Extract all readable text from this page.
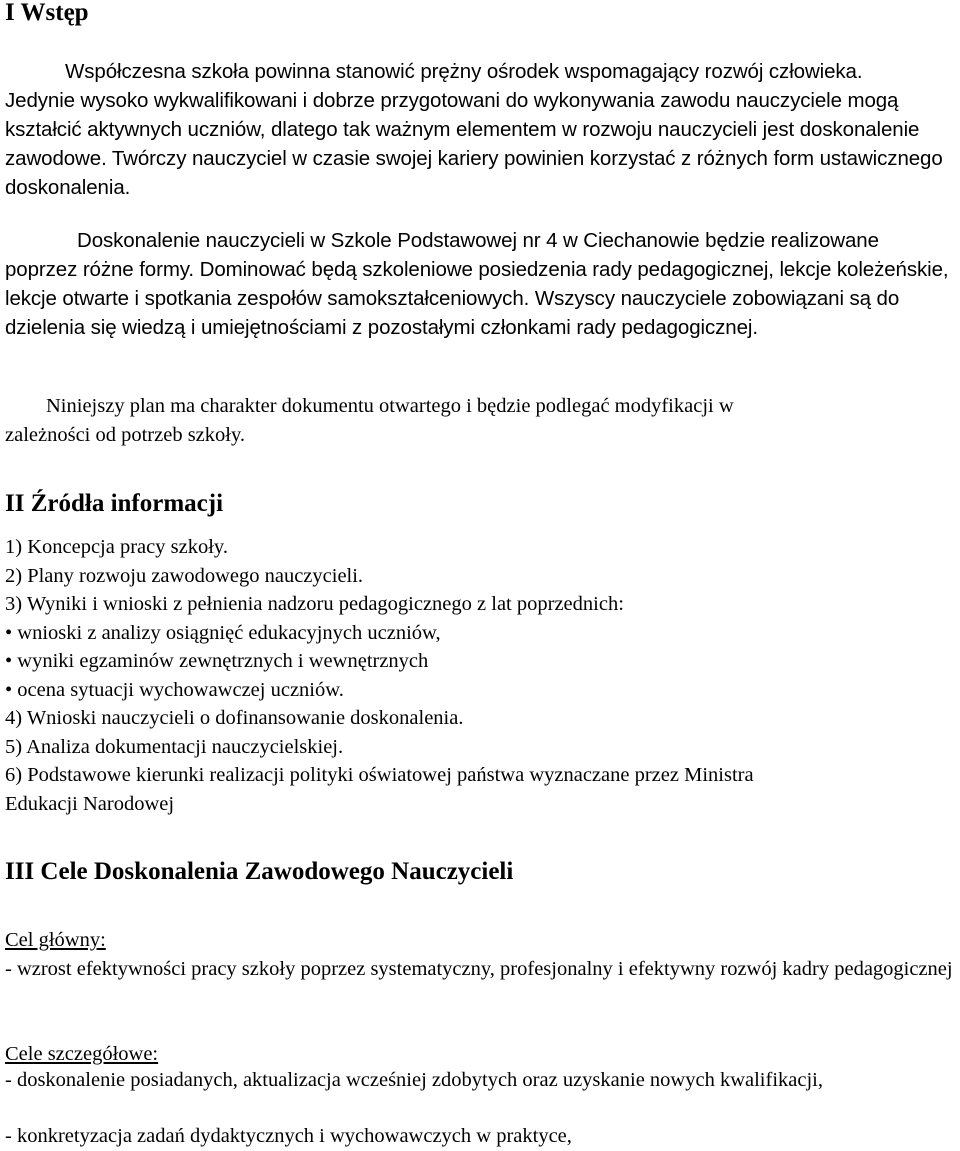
I Wstęp
Współczesna szkoła powinna stanowić prężny ośrodek wspomagający rozwój człowieka.

Jedynie wysoko wykwalifikowani i dobrze przygotowani do wykonywania zawodu nauczyciele mogą kształcić aktywnych uczniów, dlatego tak ważnym elementem w rozwoju nauczycieli jest doskonalenie zawodowe. Twórczy nauczyciel w czasie swojej kariery powinien korzystać z różnych form ustawicznego doskonalenia.

Doskonalenie nauczycieli w Szkole Podstawowej nr 4 w Ciechanowie będzie realizowane

poprzez różne formy. Dominować będą szkoleniowe posiedzenia rady pedagogicznej, lekcje koleżeńskie, lekcje otwarte i spotkania zespołów samokształceniowych. Wszyscy nauczyciele zobowiązani są do dzielenia się wiedzą i umiejętnościami z pozostałymi członkami rady pedagogicznej.

Niniejszy plan ma charakter dokumentu otwartego i będzie podlegać modyfikacji w
zależności od potrzeb szkoły.
II Źródła informacji
1) Koncepcja pracy szkoły.
2) Plany rozwoju zawodowego nauczycieli.
3) Wyniki i wnioski z pełnienia nadzoru pedagogicznego z lat poprzednich:
• wnioski z analizy osiągnięć edukacyjnych uczniów,
• wyniki egzaminów zewnętrznych i wewnętrznych
• ocena sytuacji wychowawczej uczniów.
4) Wnioski nauczycieli o dofinansowanie doskonalenia.
5) Analiza dokumentacji nauczycielskiej.
6) Podstawowe kierunki realizacji polityki oświatowej państwa wyznaczane przez Ministra
Edukacji Narodowej
III Cele Doskonalenia Zawodowego Nauczycieli
Cel główny:

- wzrost efektywności pracy szkoły poprzez systematyczny, profesjonalny i efektywny rozwój kadry pedagogicznej

Cele szczegółowe:

- doskonalenie posiadanych, aktualizacja wcześniej zdobytych oraz uzyskanie nowych kwalifikacji,

- konkretyzacja zadań dydaktycznych i wychowawczych w praktyce,
